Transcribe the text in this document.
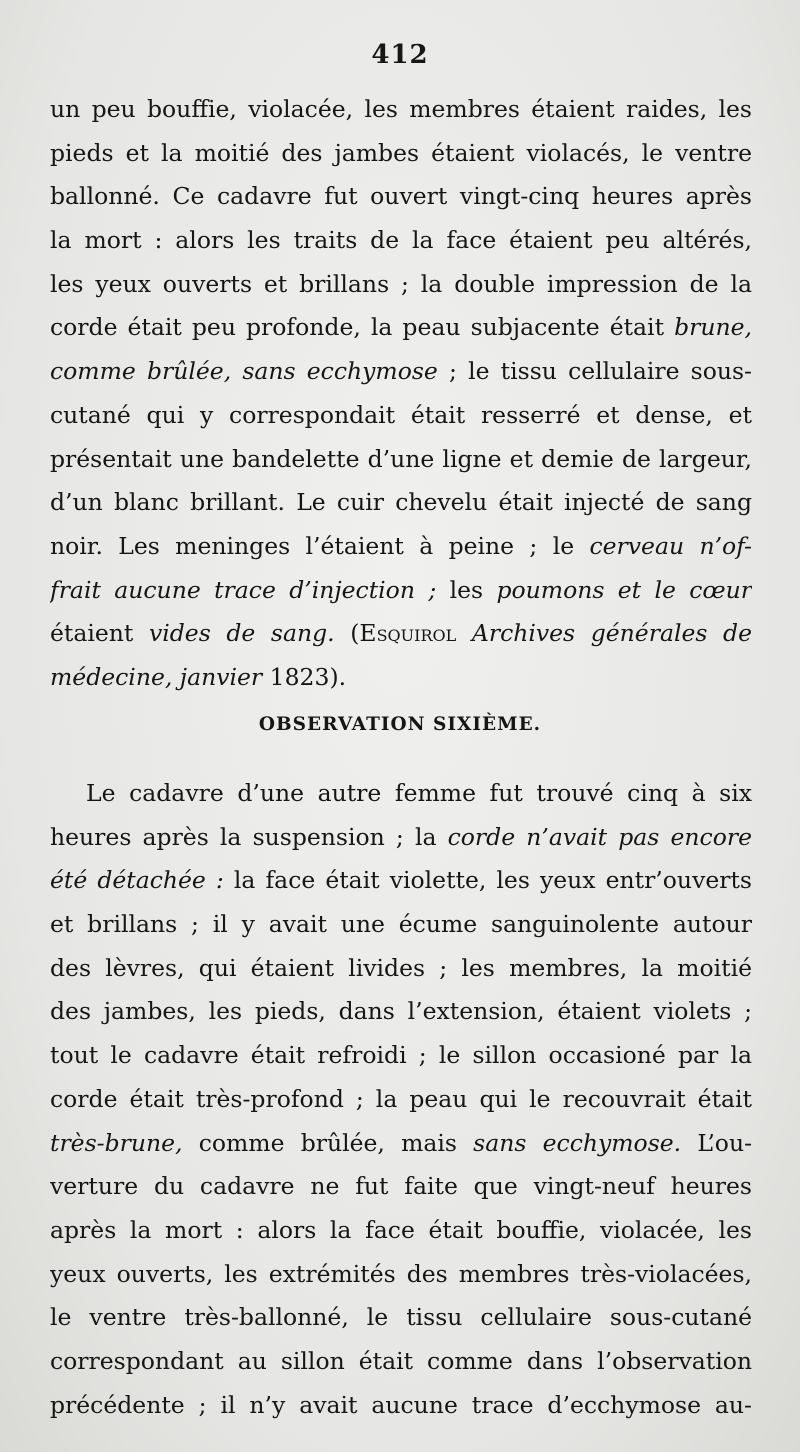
412
un peu bouffie, violacée, les membres étaient raides, les
pieds et la moitié des jambes étaient violacés, le ventre
ballonné. Ce cadavre fut ouvert vingt-cinq heures après
la mort : alors les traits de la face étaient peu altérés,
les yeux ouverts et brillans ; la double impression de la
corde était peu profonde, la peau subjacente était brune,
comme brûlée, sans ecchymose ; le tissu cellulaire sous-
cutané qui y correspondait était resserré et dense, et
présentait une bandelette d’une ligne et demie de largeur,
d’un blanc brillant. Le cuir chevelu était injecté de sang
noir. Les meninges l’étaient à peine ; le cerveau n’of-
frait aucune trace d’injection ; les poumons et le cœur
étaient vides de sang. (Esquirol Archives générales de
médecine, janvier 1823).
OBSERVATION SIXIÈME.
Le cadavre d’une autre femme fut trouvé cinq à six
heures après la suspension ; la corde n’avait pas encore
été détachée : la face était violette, les yeux entr’ouverts
et brillans ; il y avait une écume sanguinolente autour
des lèvres, qui étaient livides ; les membres, la moitié
des jambes, les pieds, dans l’extension, étaient violets ;
tout le cadavre était refroidi ; le sillon occasioné par la
corde était très-profond ; la peau qui le recouvrait était
très-brune, comme brûlée, mais sans ecchymose. L’ou-
verture du cadavre ne fut faite que vingt-neuf heures
après la mort : alors la face était bouffie, violacée, les
yeux ouverts, les extrémités des membres très-violacées,
le ventre très-ballonné, le tissu cellulaire sous-cutané
correspondant au sillon était comme dans l’observation
précédente ; il n’y avait aucune trace d’ecchymose au-
